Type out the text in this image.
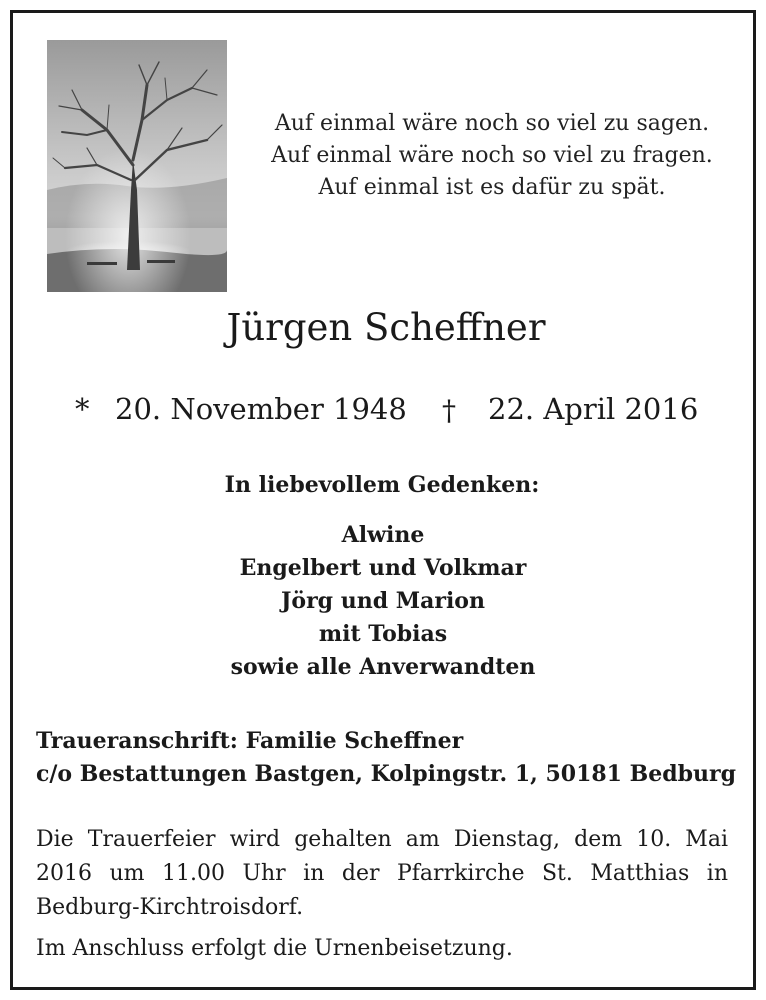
Auf einmal wäre noch so viel zu sagen.
Auf einmal wäre noch so viel zu fragen.
Auf einmal ist es dafür zu spät.
Jürgen Scheffner
* 20. November 1948 † 22. April 2016
In liebevollem Gedenken:
Alwine
Engelbert und Volkmar
Jörg und Marion
mit Tobias
sowie alle Anverwandten
Traueranschrift: Familie Scheffner
c/o Bestattungen Bastgen, Kolpingstr. 1, 50181 Bedburg
Die Trauerfeier wird gehalten am Dienstag, dem 10. Mai 2016 um 11.00 Uhr in der Pfarrkirche St. Matthias in Bedburg-Kirchtroisdorf.
Im Anschluss erfolgt die Urnenbeisetzung.
